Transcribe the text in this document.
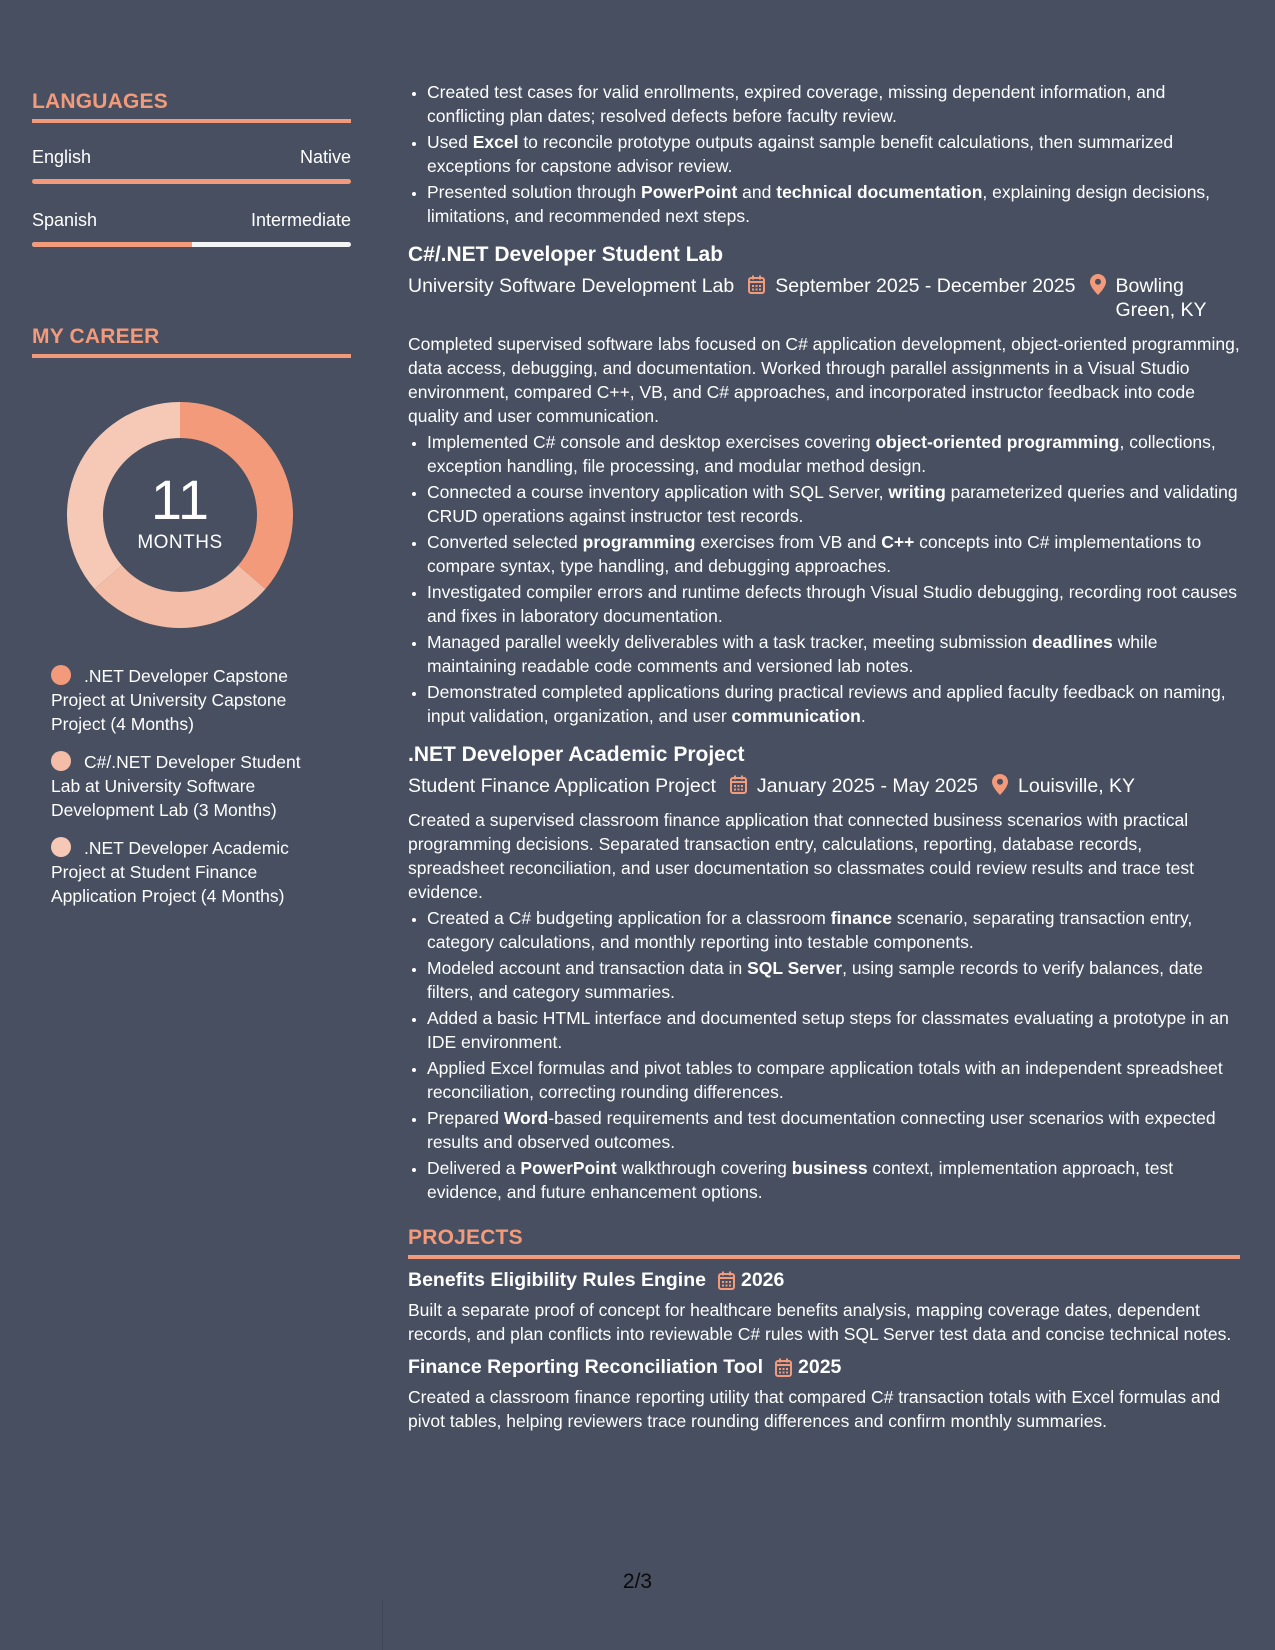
LANGUAGES
English	Native
Spanish	Intermediate
MY CAREER
11
MONTHS
.NET Developer Capstone Project at University Capstone Project (4 Months)
C#/.NET Developer Student Lab at University Software Development Lab (3 Months)
.NET Developer Academic Project at Student Finance Application Project (4 Months)
• Created test cases for valid enrollments, expired coverage, missing dependent information, and conflicting plan dates; resolved defects before faculty review.
• Used Excel to reconcile prototype outputs against sample benefit calculations, then summarized exceptions for capstone advisor review.
• Presented solution through PowerPoint and technical documentation, explaining design decisions, limitations, and recommended next steps.
C#/.NET Developer Student Lab
University Software Development Lab September 2025 - December 2025 Bowling Green, KY
Completed supervised software labs focused on C# application development, object-oriented programming, data access, debugging, and documentation. Worked through parallel assignments in a Visual Studio environment, compared C++, VB, and C# approaches, and incorporated instructor feedback into code quality and user communication.
• Implemented C# console and desktop exercises covering object-oriented programming, collections, exception handling, file processing, and modular method design.
• Connected a course inventory application with SQL Server, writing parameterized queries and validating CRUD operations against instructor test records.
• Converted selected programming exercises from VB and C++ concepts into C# implementations to compare syntax, type handling, and debugging approaches.
• Investigated compiler errors and runtime defects through Visual Studio debugging, recording root causes and fixes in laboratory documentation.
• Managed parallel weekly deliverables with a task tracker, meeting submission deadlines while maintaining readable code comments and versioned lab notes.
• Demonstrated completed applications during practical reviews and applied faculty feedback on naming, input validation, organization, and user communication.
.NET Developer Academic Project
Student Finance Application Project January 2025 - May 2025 Louisville, KY
Created a supervised classroom finance application that connected business scenarios with practical programming decisions. Separated transaction entry, calculations, reporting, database records, spreadsheet reconciliation, and user documentation so classmates could review results and trace test evidence.
• Created a C# budgeting application for a classroom finance scenario, separating transaction entry, category calculations, and monthly reporting into testable components.
• Modeled account and transaction data in SQL Server, using sample records to verify balances, date filters, and category summaries.
• Added a basic HTML interface and documented setup steps for classmates evaluating a prototype in an IDE environment.
• Applied Excel formulas and pivot tables to compare application totals with an independent spreadsheet reconciliation, correcting rounding differences.
• Prepared Word-based requirements and test documentation connecting user scenarios with expected results and observed outcomes.
• Delivered a PowerPoint walkthrough covering business context, implementation approach, test evidence, and future enhancement options.
PROJECTS
Benefits Eligibility Rules Engine 2026
Built a separate proof of concept for healthcare benefits analysis, mapping coverage dates, dependent records, and plan conflicts into reviewable C# rules with SQL Server test data and concise technical notes.
Finance Reporting Reconciliation Tool 2025
Created a classroom finance reporting utility that compared C# transaction totals with Excel formulas and pivot tables, helping reviewers trace rounding differences and confirm monthly summaries.
2/3
